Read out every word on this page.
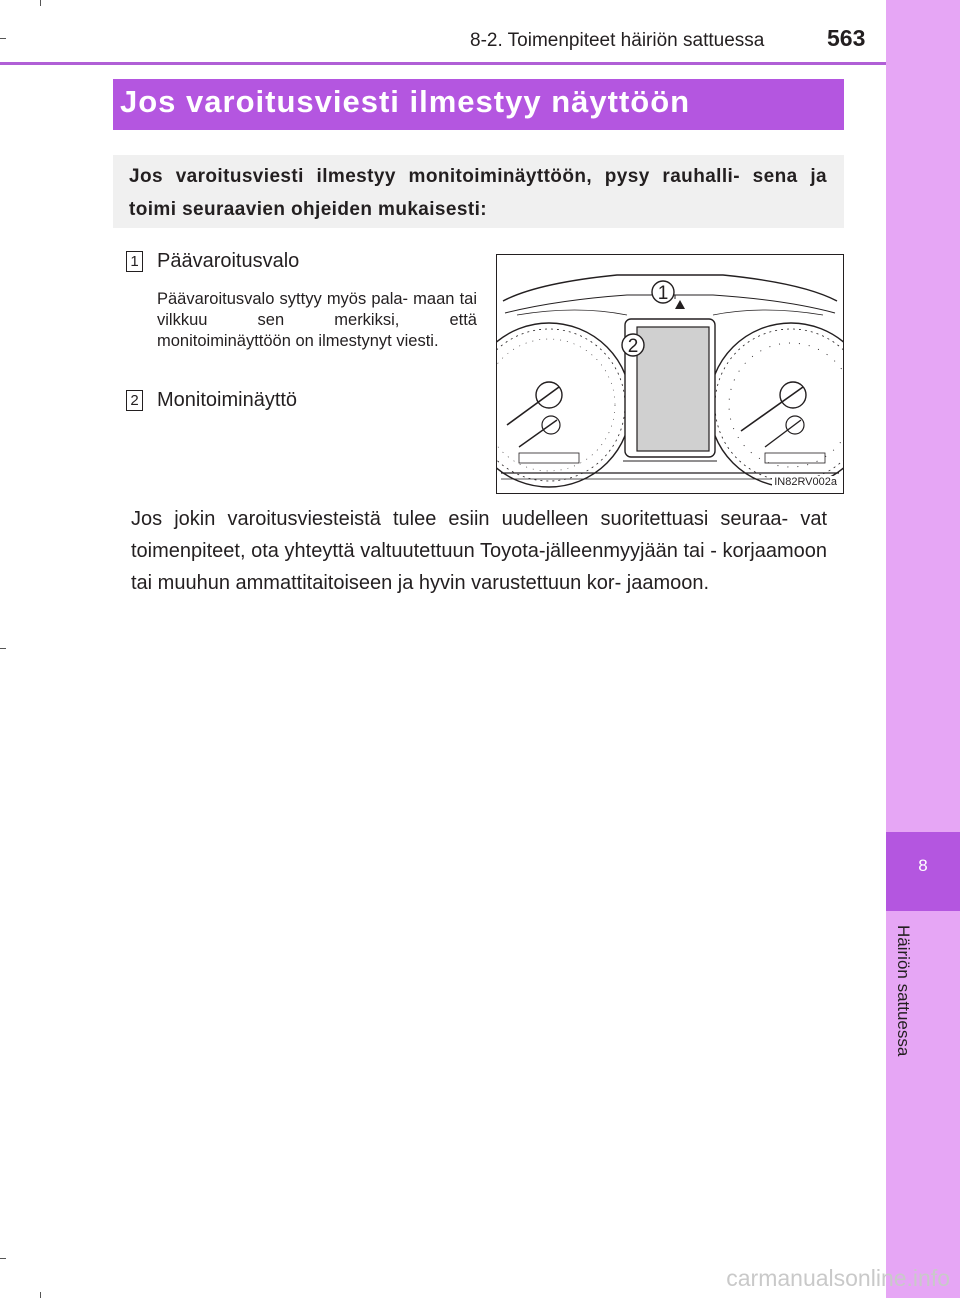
8-2. Toimenpiteet häiriön sattuessa	563
8
Häiriön sattuessa
Jos varoitusviesti ilmestyy näyttöön
Jos varoitusviesti ilmestyy monitoiminäyttöön, pysy rauhalli- sena ja toimi seuraavien ohjeiden mukaisesti:
1 Päävaroitusvalo
Päävaroitusvalo syttyy myös pala- maan tai vilkkuu sen merkiksi, että monitoiminäyttöön on ilmestynyt viesti.
2 Monitoiminäyttö
1
2
IN82RV002a
Jos jokin varoitusviesteistä tulee esiin uudelleen suoritettuasi seuraa- vat toimenpiteet, ota yhteyttä valtuutettuun Toyota-jälleenmyyjään tai - korjaamoon tai muuhun ammattitaitoiseen ja hyvin varustettuun kor- jaamoon.
carmanualsonline.info
